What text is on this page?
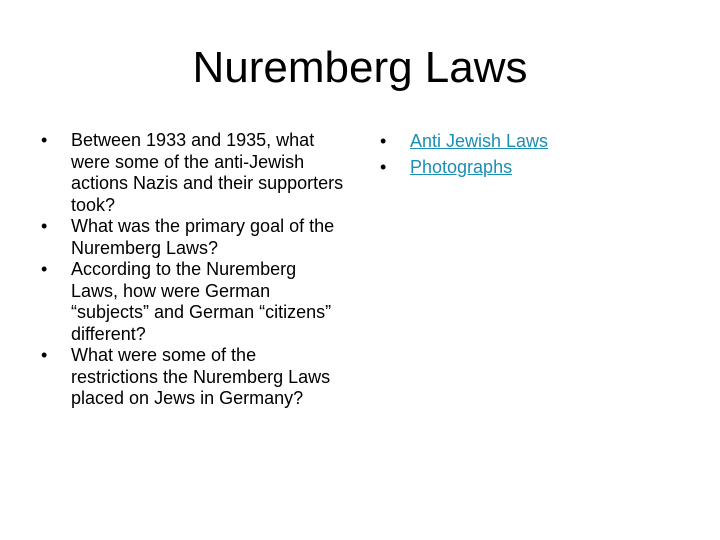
Nuremberg Laws
• Between 1933 and 1935, what were some of the anti-Jewish actions Nazis and their supporters took?
• What was the primary goal of the Nuremberg Laws?
• According to the Nuremberg Laws, how were German “subjects” and German “citizens” different?
• What were some of the restrictions the Nuremberg Laws placed on Jews in Germany?
• Anti Jewish Laws
• Photographs
